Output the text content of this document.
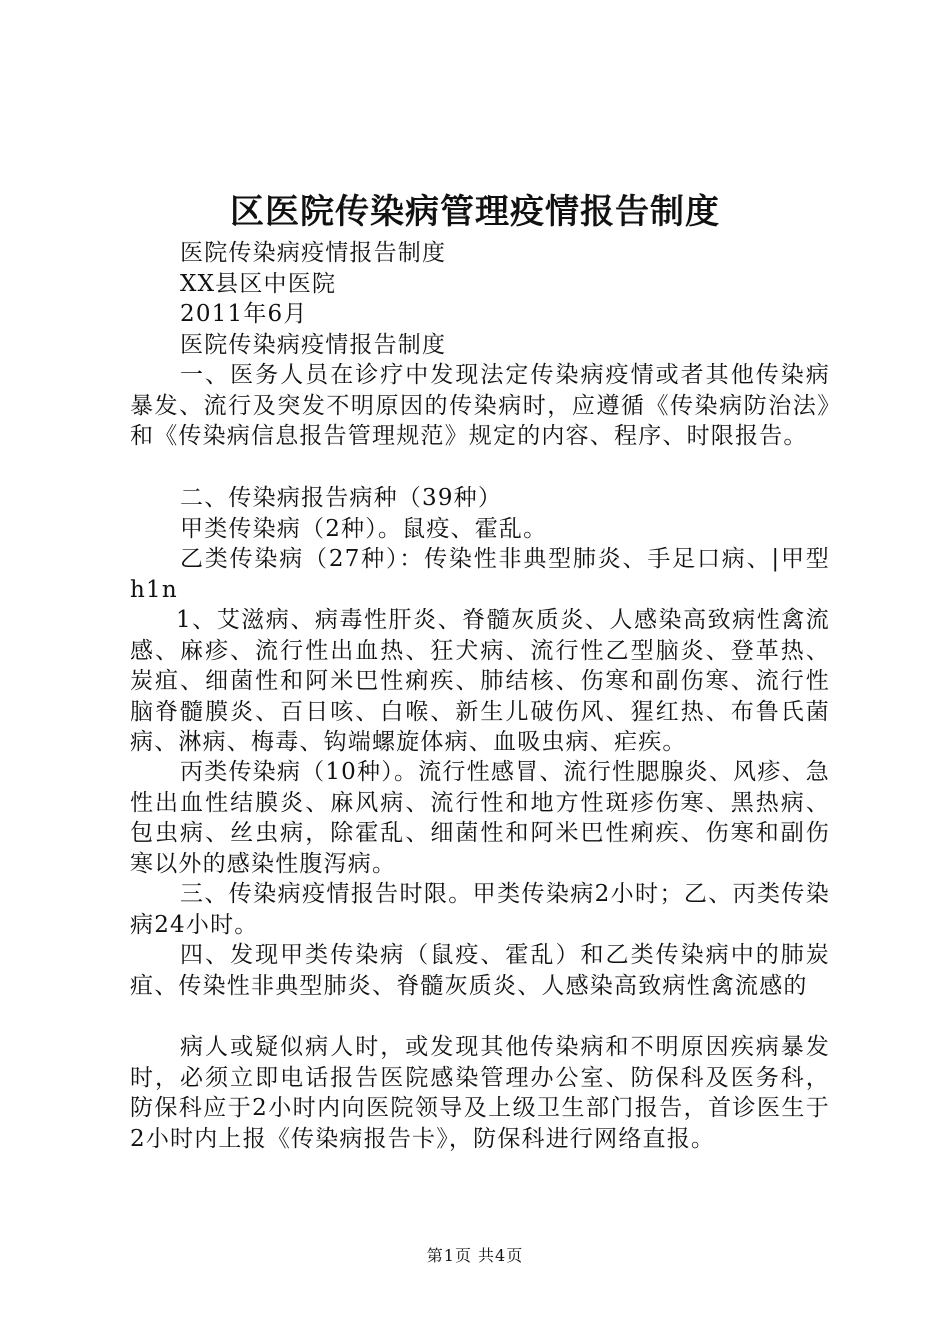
区医院传染病管理疫情报告制度
医院传染病疫情报告制度
XX县区中医院
2011年6月
医院传染病疫情报告制度
一、医务人员在诊疗中发现法定传染病疫情或者其他传染病暴发、流行及突发不明原因的传染病时，应遵循《传染病防治法》和《传染病信息报告管理规范》规定的内容、程序、时限报告。
二、传染病报告病种（39种）
甲类传染病（2种）。鼠疫、霍乱。
乙类传染病（27种）：传染性非典型肺炎、手足口病、|甲型h1n
1、艾滋病、病毒性肝炎、脊髓灰质炎、人感染高致病性禽流感、麻疹、流行性出血热、狂犬病、流行性乙型脑炎、登革热、炭疽、细菌性和阿米巴性痢疾、肺结核、伤寒和副伤寒、流行性脑脊髓膜炎、百日咳、白喉、新生儿破伤风、猩红热、布鲁氏菌病、淋病、梅毒、钩端螺旋体病、血吸虫病、疟疾。
丙类传染病（10种）。流行性感冒、流行性腮腺炎、风疹、急性出血性结膜炎、麻风病、流行性和地方性斑疹伤寒、黑热病、包虫病、丝虫病，除霍乱、细菌性和阿米巴性痢疾、伤寒和副伤寒以外的感染性腹泻病。
三、传染病疫情报告时限。甲类传染病2小时；乙、丙类传染病24小时。
四、发现甲类传染病（鼠疫、霍乱）和乙类传染病中的肺炭疽、传染性非典型肺炎、脊髓灰质炎、人感染高致病性禽流感的
病人或疑似病人时，或发现其他传染病和不明原因疾病暴发时，必须立即电话报告医院感染管理办公室、防保科及医务科，防保科应于2小时内向医院领导及上级卫生部门报告，首诊医生于2小时内上报《传染病报告卡》，防保科进行网络直报。
第1页 共4页
